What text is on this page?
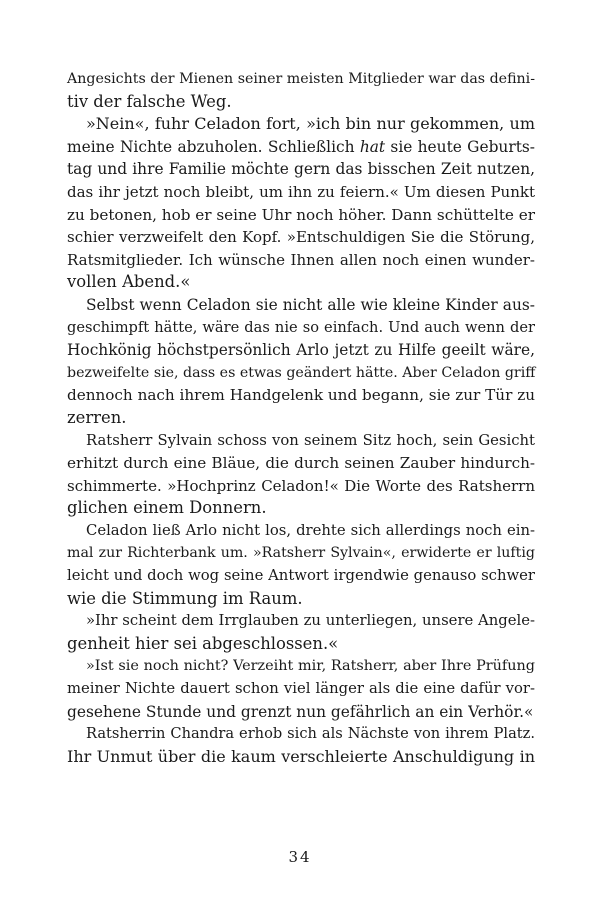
Angesichts der Mienen seiner meisten Mitglieder war das defini-
tiv der falsche Weg.

»Nein«, fuhr Celadon fort, »ich bin nur gekommen, um
meine Nichte abzuholen. Schließlich hat sie heute Geburts-
tag und ihre Familie möchte gern das bisschen Zeit nutzen,
das ihr jetzt noch bleibt, um ihn zu feiern.« Um diesen Punkt
zu betonen, hob er seine Uhr noch höher. Dann schüttelte er
schier verzweifelt den Kopf. »Entschuldigen Sie die Störung,
Ratsmitglieder. Ich wünsche Ihnen allen noch einen wunder-
vollen Abend.«

Selbst wenn Celadon sie nicht alle wie kleine Kinder aus-
geschimpft hätte, wäre das nie so einfach. Und auch wenn der
Hochkönig höchstpersönlich Arlo jetzt zu Hilfe geeilt wäre,
bezweifelte sie, dass es etwas geändert hätte. Aber Celadon griff
dennoch nach ihrem Handgelenk und begann, sie zur Tür zu
zerren.

Ratsherr Sylvain schoss von seinem Sitz hoch, sein Gesicht
erhitzt durch eine Bläue, die durch seinen Zauber hindurch-
schimmerte. »Hochprinz Celadon!« Die Worte des Ratsherrn
glichen einem Donnern.

Celadon ließ Arlo nicht los, drehte sich allerdings noch ein-
mal zur Richterbank um. »Ratsherr Sylvain«, erwiderte er luftig
leicht und doch wog seine Antwort irgendwie genauso schwer
wie die Stimmung im Raum.

»Ihr scheint dem Irrglauben zu unterliegen, unsere Angele-
genheit hier sei abgeschlossen.«

»Ist sie noch nicht? Verzeiht mir, Ratsherr, aber Ihre Prüfung
meiner Nichte dauert schon viel länger als die eine dafür vor-
gesehene Stunde und grenzt nun gefährlich an ein Verhör.«

Ratsherrin Chandra erhob sich als Nächste von ihrem Platz.
Ihr Unmut über die kaum verschleierte Anschuldigung in

34
